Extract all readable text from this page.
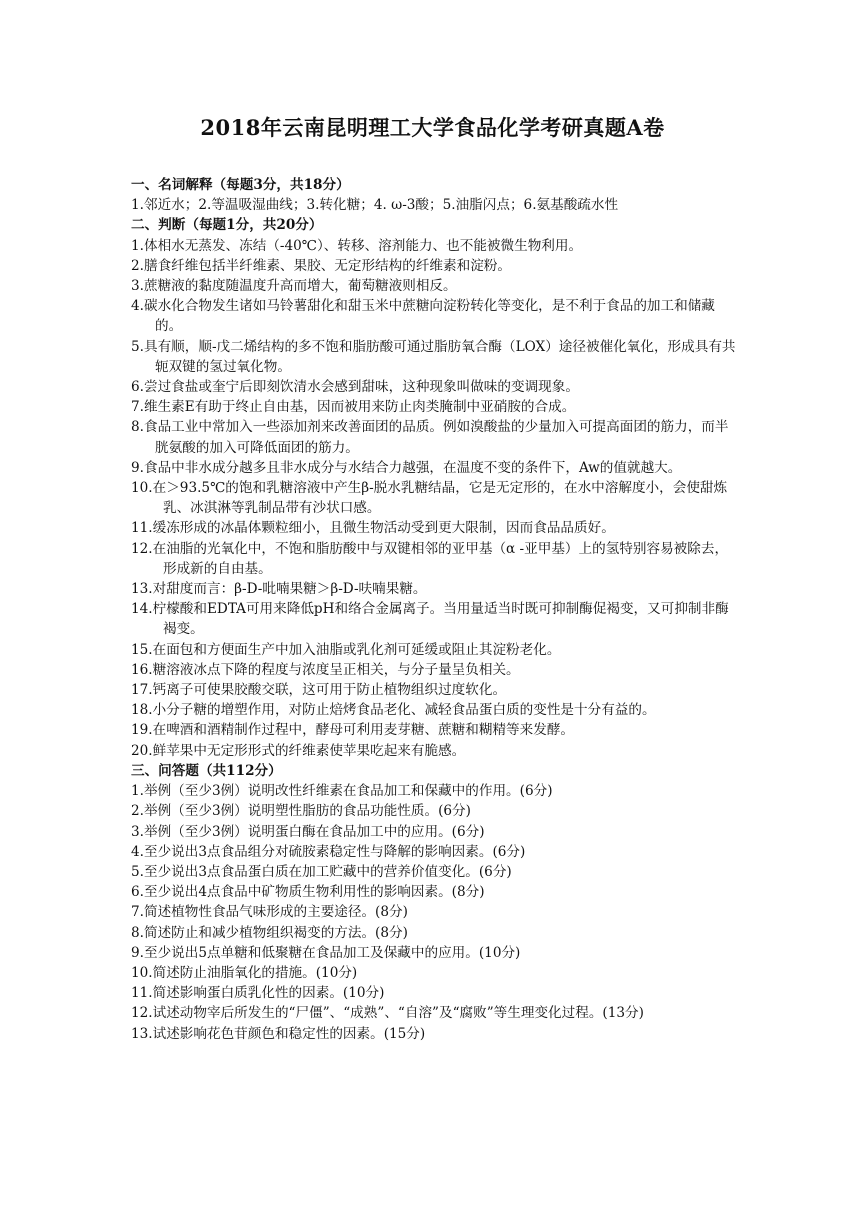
2018年云南昆明理工大学食品化学考研真题A卷
一、名词解释（每题3分，共18分）
1.邻近水；2.等温吸湿曲线；3.转化糖；4. ω-3酸；5.油脂闪点；6.氨基酸疏水性
二、判断（每题1分，共20分）
1.体相水无蒸发、冻结（-40℃）、转移、溶剂能力、也不能被微生物利用。
2.膳食纤维包括半纤维素、果胶、无定形结构的纤维素和淀粉。
3.蔗糖液的黏度随温度升高而增大，葡萄糖液则相反。
4.碳水化合物发生诸如马铃薯甜化和甜玉米中蔗糖向淀粉转化等变化，是不利于食品的加工和储藏的。
5.具有顺，顺-戊二烯结构的多不饱和脂肪酸可通过脂肪氧合酶（LOX）途径被催化氧化，形成具有共轭双键的氢过氧化物。
6.尝过食盐或奎宁后即刻饮清水会感到甜味，这种现象叫做味的变调现象。
7.维生素E有助于终止自由基，因而被用来防止肉类腌制中亚硝胺的合成。
8.食品工业中常加入一些添加剂来改善面团的品质。例如溴酸盐的少量加入可提高面团的筋力，而半胱氨酸的加入可降低面团的筋力。
9.食品中非水成分越多且非水成分与水结合力越强，在温度不变的条件下，Aw的值就越大。
10.在＞93.5℃的饱和乳糖溶液中产生β-脱水乳糖结晶，它是无定形的，在水中溶解度小，会使甜炼乳、冰淇淋等乳制品带有沙状口感。
11.缓冻形成的冰晶体颗粒细小，且微生物活动受到更大限制，因而食品品质好。
12.在油脂的光氧化中，不饱和脂肪酸中与双键相邻的亚甲基（α -亚甲基）上的氢特别容易被除去，形成新的自由基。
13.对甜度而言：β-D-吡喃果糖＞β-D-呋喃果糖。
14.柠檬酸和EDTA可用来降低pH和络合金属离子。当用量适当时既可抑制酶促褐变，又可抑制非酶褐变。
15.在面包和方便面生产中加入油脂或乳化剂可延缓或阻止其淀粉老化。
16.糖溶液冰点下降的程度与浓度呈正相关，与分子量呈负相关。
17.钙离子可使果胶酸交联，这可用于防止植物组织过度软化。
18.小分子糖的增塑作用，对防止焙烤食品老化、减轻食品蛋白质的变性是十分有益的。
19.在啤酒和酒精制作过程中，酵母可利用麦芽糖、蔗糖和糊精等来发酵。
20.鲜苹果中无定形形式的纤维素使苹果吃起来有脆感。
三、问答题（共112分）
1.举例（至少3例）说明改性纤维素在食品加工和保藏中的作用。(6分)
2.举例（至少3例）说明塑性脂肪的食品功能性质。(6分)
3.举例（至少3例）说明蛋白酶在食品加工中的应用。(6分)
4.至少说出3点食品组分对硫胺素稳定性与降解的影响因素。(6分)
5.至少说出3点食品蛋白质在加工贮藏中的营养价值变化。(6分)
6.至少说出4点食品中矿物质生物利用性的影响因素。(8分)
7.简述植物性食品气味形成的主要途径。(8分)
8.简述防止和减少植物组织褐变的方法。(8分)
9.至少说出5点单糖和低聚糖在食品加工及保藏中的应用。(10分)
10.简述防止油脂氧化的措施。(10分)
11.简述影响蛋白质乳化性的因素。(10分)
12.试述动物宰后所发生的“尸僵”、“成熟”、“自溶”及“腐败”等生理变化过程。(13分)
13.试述影响花色苷颜色和稳定性的因素。(15分)
